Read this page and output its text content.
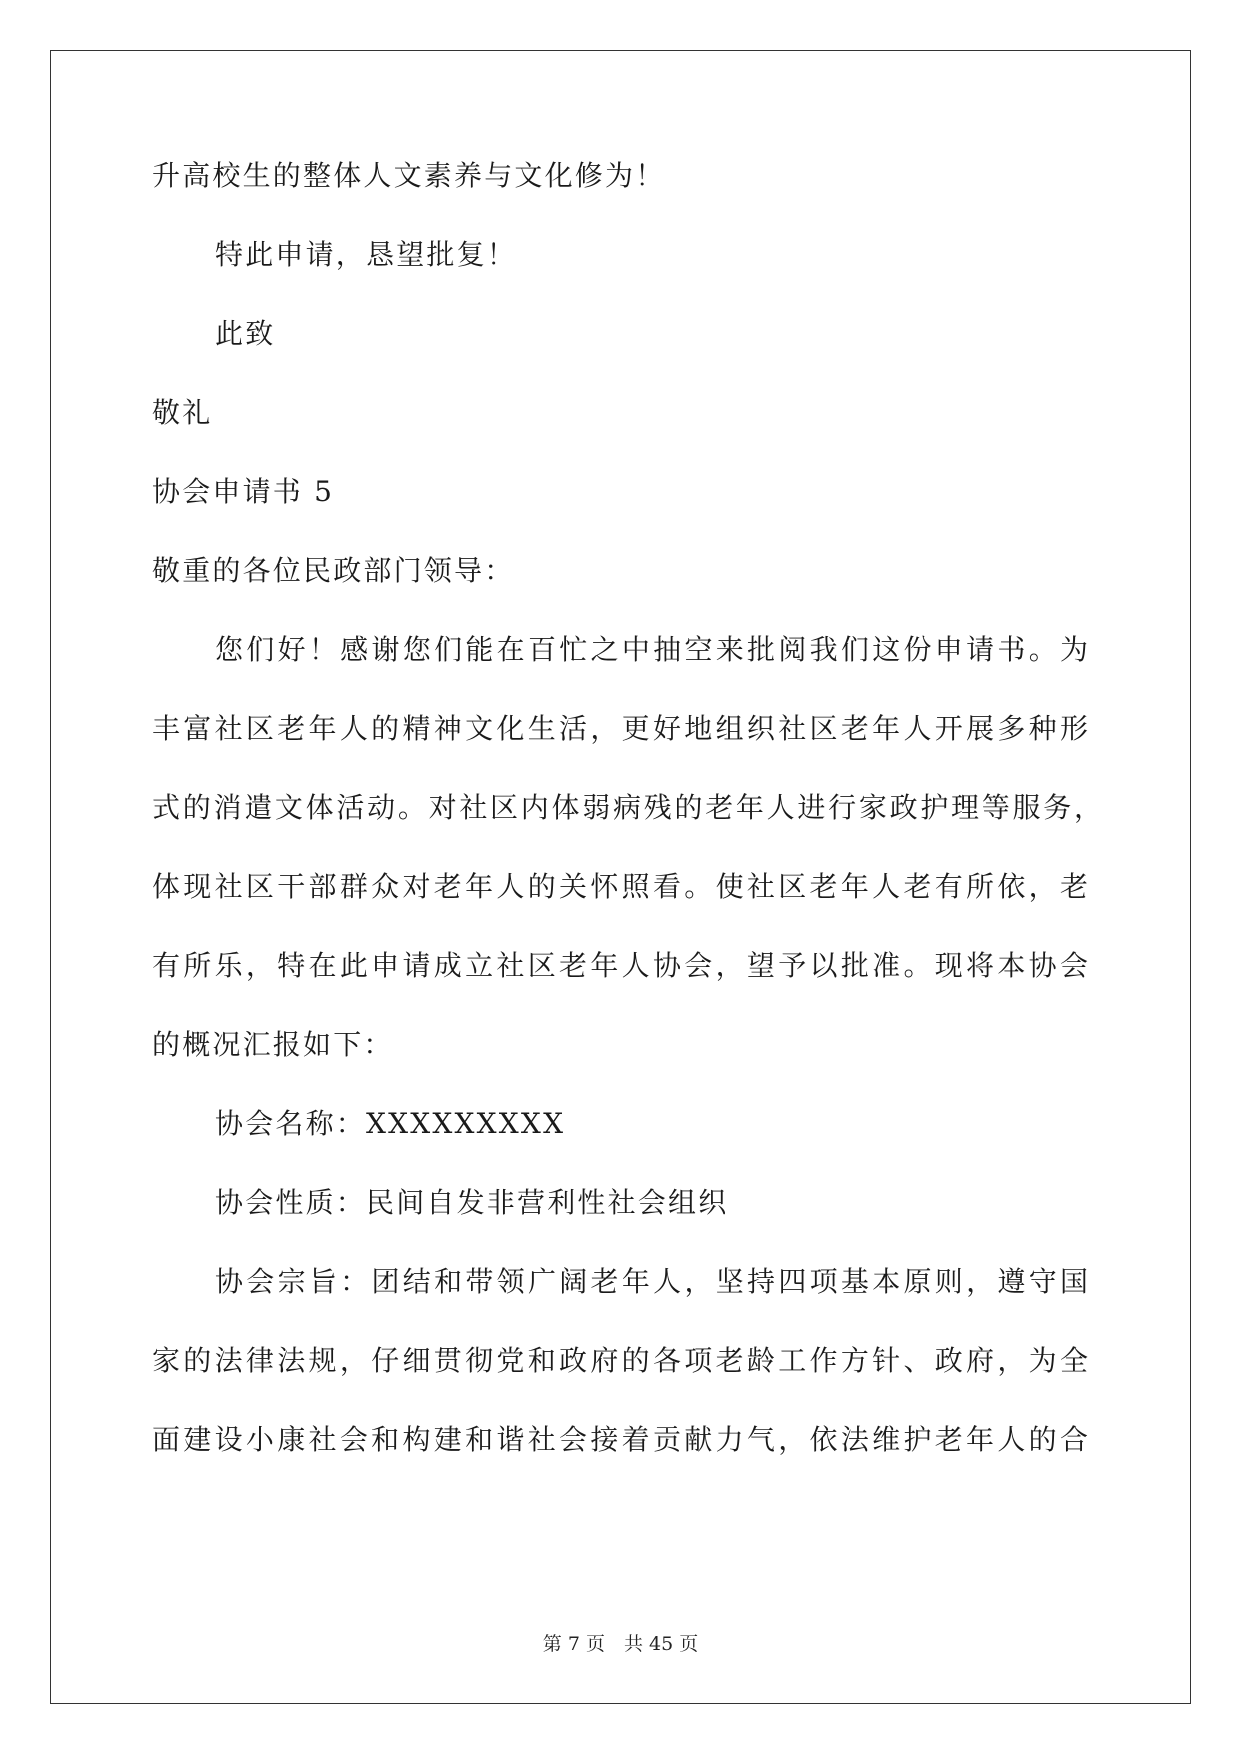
升高校生的整体人文素养与文化修为！
特此申请，恳望批复！
此致
敬礼
协会申请书 5
敬重的各位民政部门领导：
您们好！感谢您们能在百忙之中抽空来批阅我们这份申请书。为
丰富社区老年人的精神文化生活，更好地组织社区老年人开展多种形
式的消遣文体活动。对社区内体弱病残的老年人进行家政护理等服务，
体现社区干部群众对老年人的关怀照看。使社区老年人老有所依，老
有所乐，特在此申请成立社区老年人协会，望予以批准。现将本协会
的概况汇报如下：
协会名称：XXXXXXXXX
协会性质：民间自发非营利性社会组织
协会宗旨：团结和带领广阔老年人，坚持四项基本原则，遵守国
家的法律法规，仔细贯彻党和政府的各项老龄工作方针、政府，为全
面建设小康社会和构建和谐社会接着贡献力气，依法维护老年人的合
第 7 页　共 45 页
